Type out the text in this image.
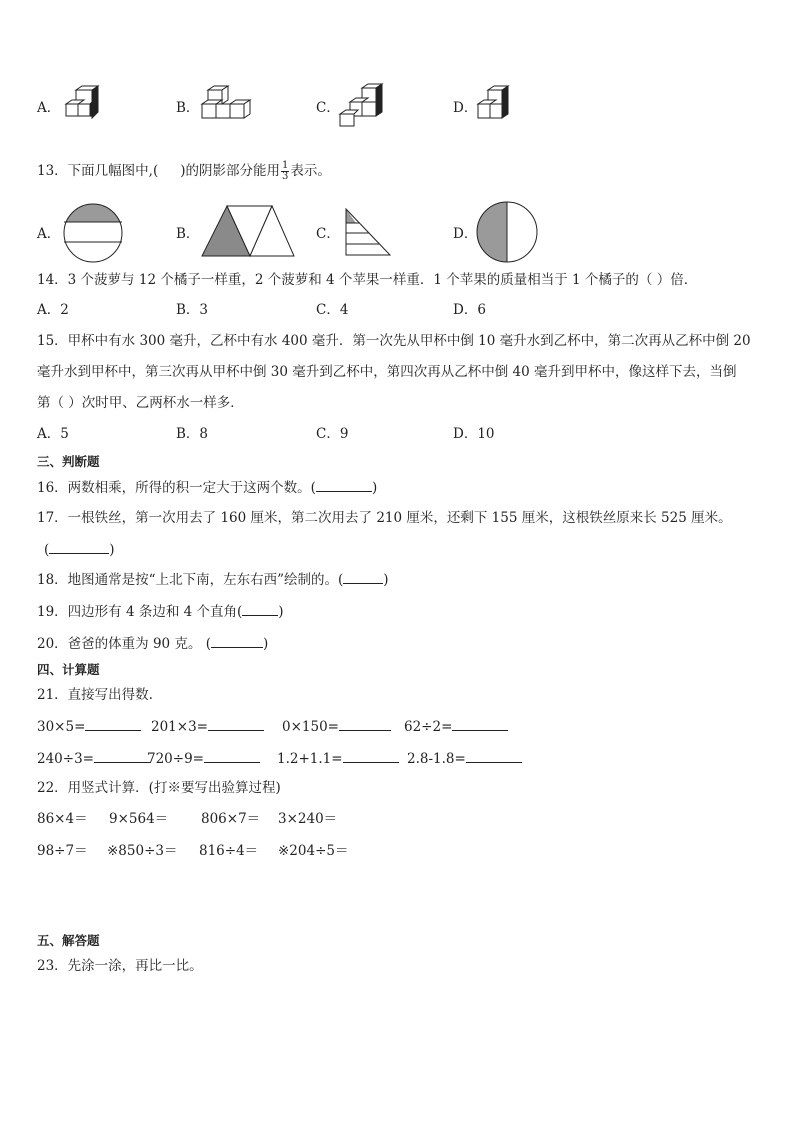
A．	B．	C．	D．
13．下面几幅图中,( )的阴影部分能用 $\frac{1}{3}$ 表示。
A．	B．	C．	D．
14．3 个菠萝与 12 个橘子一样重，2 个菠萝和 4 个苹果一样重．1 个苹果的质量相当于 1 个橘子的（ ）倍．
A．2	B．3	C．4	D．6
15．甲杯中有水 300 毫升，乙杯中有水 400 毫升．第一次先从甲杯中倒 10 毫升水到乙杯中，第二次再从乙杯中倒 20
毫升水到甲杯中，第三次再从甲杯中倒 30 毫升到乙杯中，第四次再从乙杯中倒 40 毫升到甲杯中，像这样下去，当倒
第（ ）次时甲、乙两杯水一样多．
A．5	B．8	C．9	D．10
三、判断题
16．两数相乘，所得的积一定大于这两个数。(	)
17．一根铁丝，第一次用去了 160 厘米，第二次用去了 210 厘米，还剩下 155 厘米，这根铁丝原来长 525 厘米。
(	)
18．地图通常是按“上北下南，左东右西”绘制的。(	)
19．四边形有 4 条边和 4 个直角(	)
20．爸爸的体重为 90 克。 (	)
四、计算题
21．直接写出得数.
30×5=	201×3=	0×150=	62÷2=
240÷3=	720÷9=	1.2+1.1=	2.8-1.8=
22．用竖式计算．(打※要写出验算过程)
86×4＝ 9×564＝ 806×7＝ 3×240＝
98÷7＝ ※850÷3＝ 816÷4＝ ※204÷5＝
五、解答题
23．先涂一涂，再比一比。
